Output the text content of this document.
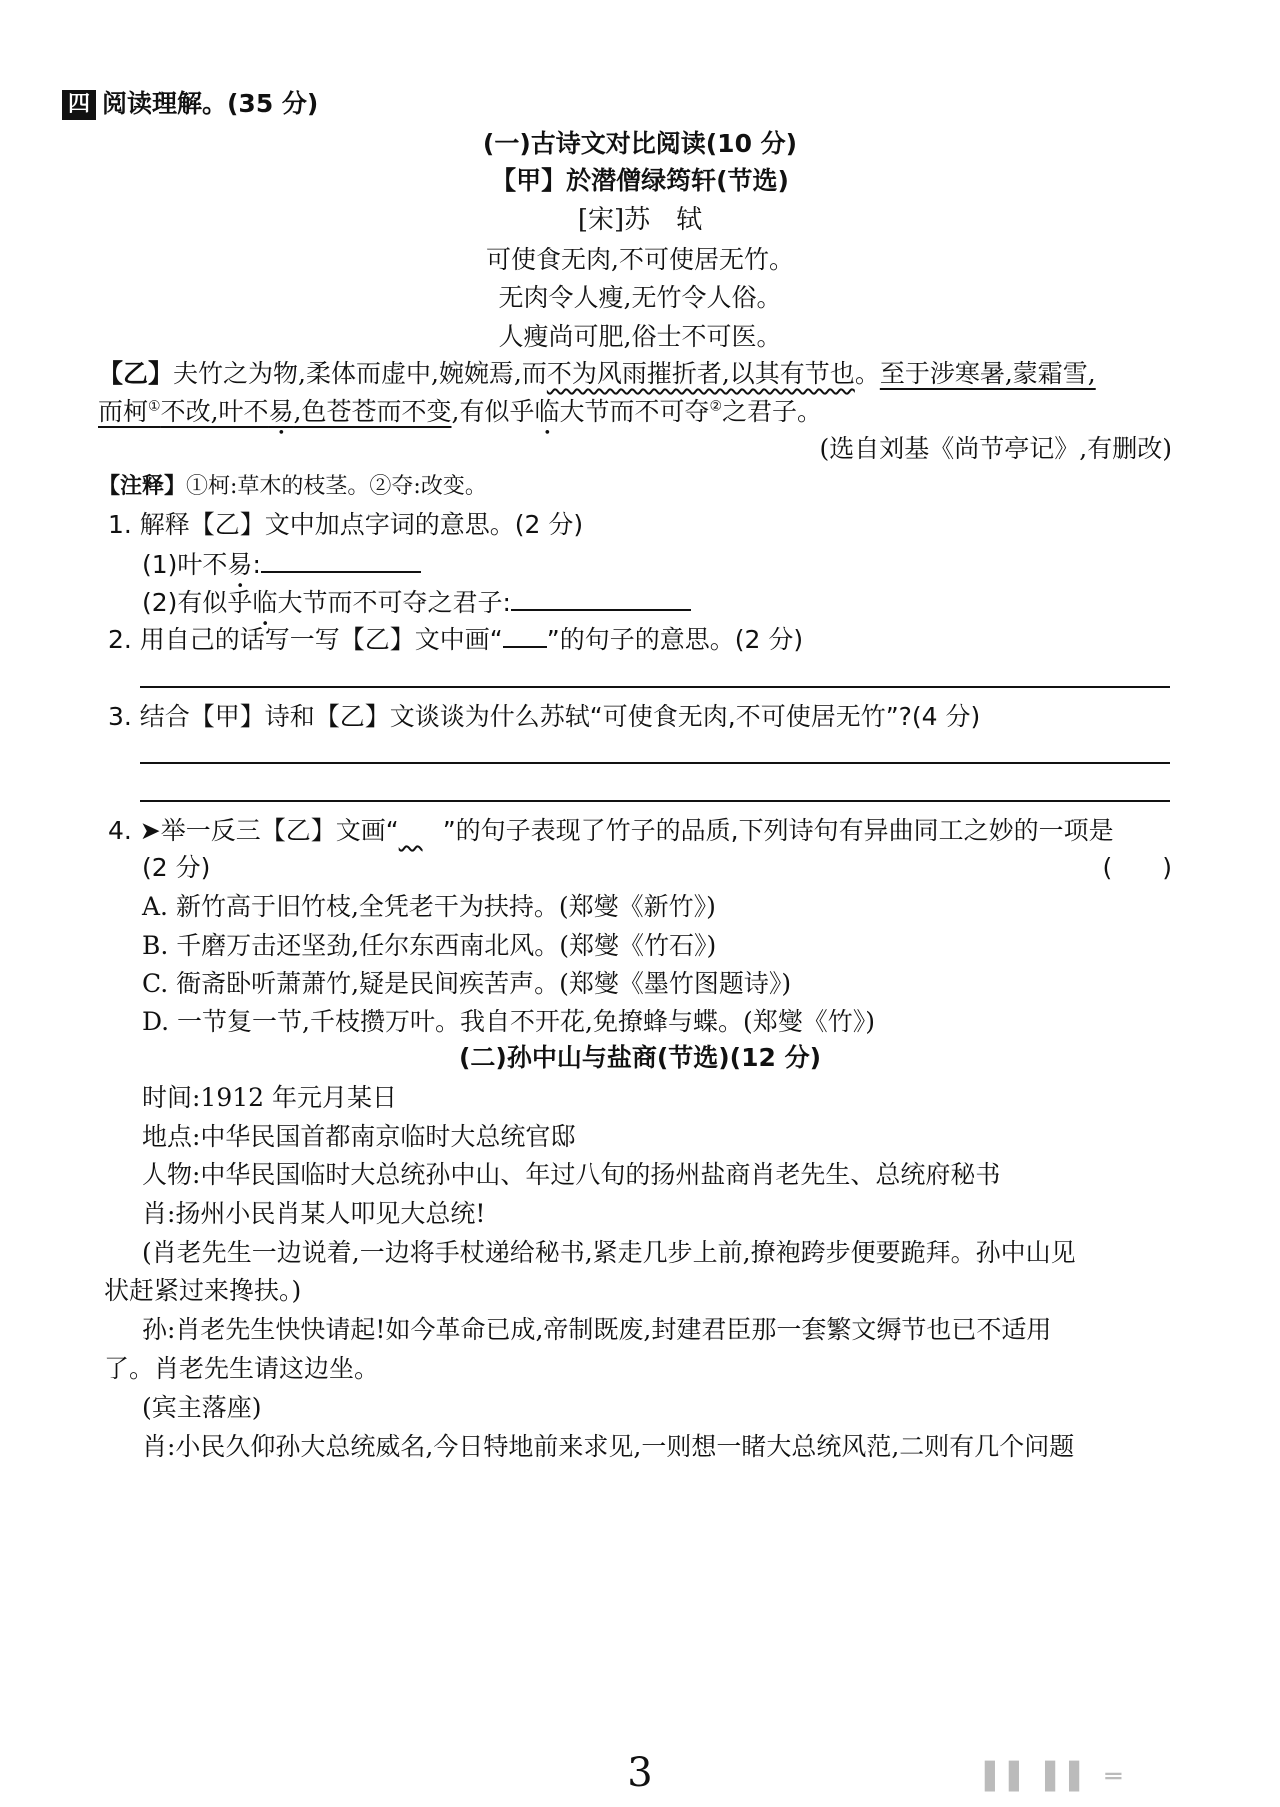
四 阅读理解。(35 分)
(一)古诗文对比阅读(10 分)
【甲】於潜僧绿筠轩(节选)
[宋]苏　轼
可使食无肉,不可使居无竹。
无肉令人瘦,无竹令人俗。
人瘦尚可肥,俗士不可医。
【乙】夫竹之为物,柔体而虚中,婉婉焉,而不为风雨摧折者,以其有节也。至于涉寒暑,蒙霜雪,
而柯①不改,叶不易,色苍苍而不变,有似乎临大节而不可夺②之君子。
(选自刘基《尚节亭记》,有删改)
【注释】①柯:草木的枝茎。②夺:改变。
1. 解释【乙】文中加点字词的意思。(2 分)
(1)叶不易:
(2)有似乎临大节而不可夺之君子:
2. 用自己的话写一写【乙】文中画“ ”的句子的意思。(2 分)
3. 结合【甲】诗和【乙】文谈谈为什么苏轼“可使食无肉,不可使居无竹”?(4 分)
4. ➤举一反三【乙】文画“ ”的句子表现了竹子的品质,下列诗句有异曲同工之妙的一项是
(2 分)	(　　)
A. 新竹高于旧竹枝,全凭老干为扶持。(郑燮《新竹》)
B. 千磨万击还坚劲,任尔东西南北风。(郑燮《竹石》)
C. 衙斋卧听萧萧竹,疑是民间疾苦声。(郑燮《墨竹图题诗》)
D. 一节复一节,千枝攒万叶。我自不开花,免撩蜂与蝶。(郑燮《竹》)
(二)孙中山与盐商(节选)(12 分)
时间:1912 年元月某日
地点:中华民国首都南京临时大总统官邸
人物:中华民国临时大总统孙中山、年过八旬的扬州盐商肖老先生、总统府秘书
肖:扬州小民肖某人叩见大总统!
(肖老先生一边说着,一边将手杖递给秘书,紧走几步上前,撩袍跨步便要跪拜。孙中山见
状赶紧过来搀扶。)
孙:肖老先生快快请起!如今革命已成,帝制既废,封建君臣那一套繁文缛节也已不适用
了。肖老先生请这边坐。
(宾主落座)
肖:小民久仰孙大总统威名,今日特地前来求见,一则想一睹大总统风范,二则有几个问题
3	▌▌ ▌▌ ═
